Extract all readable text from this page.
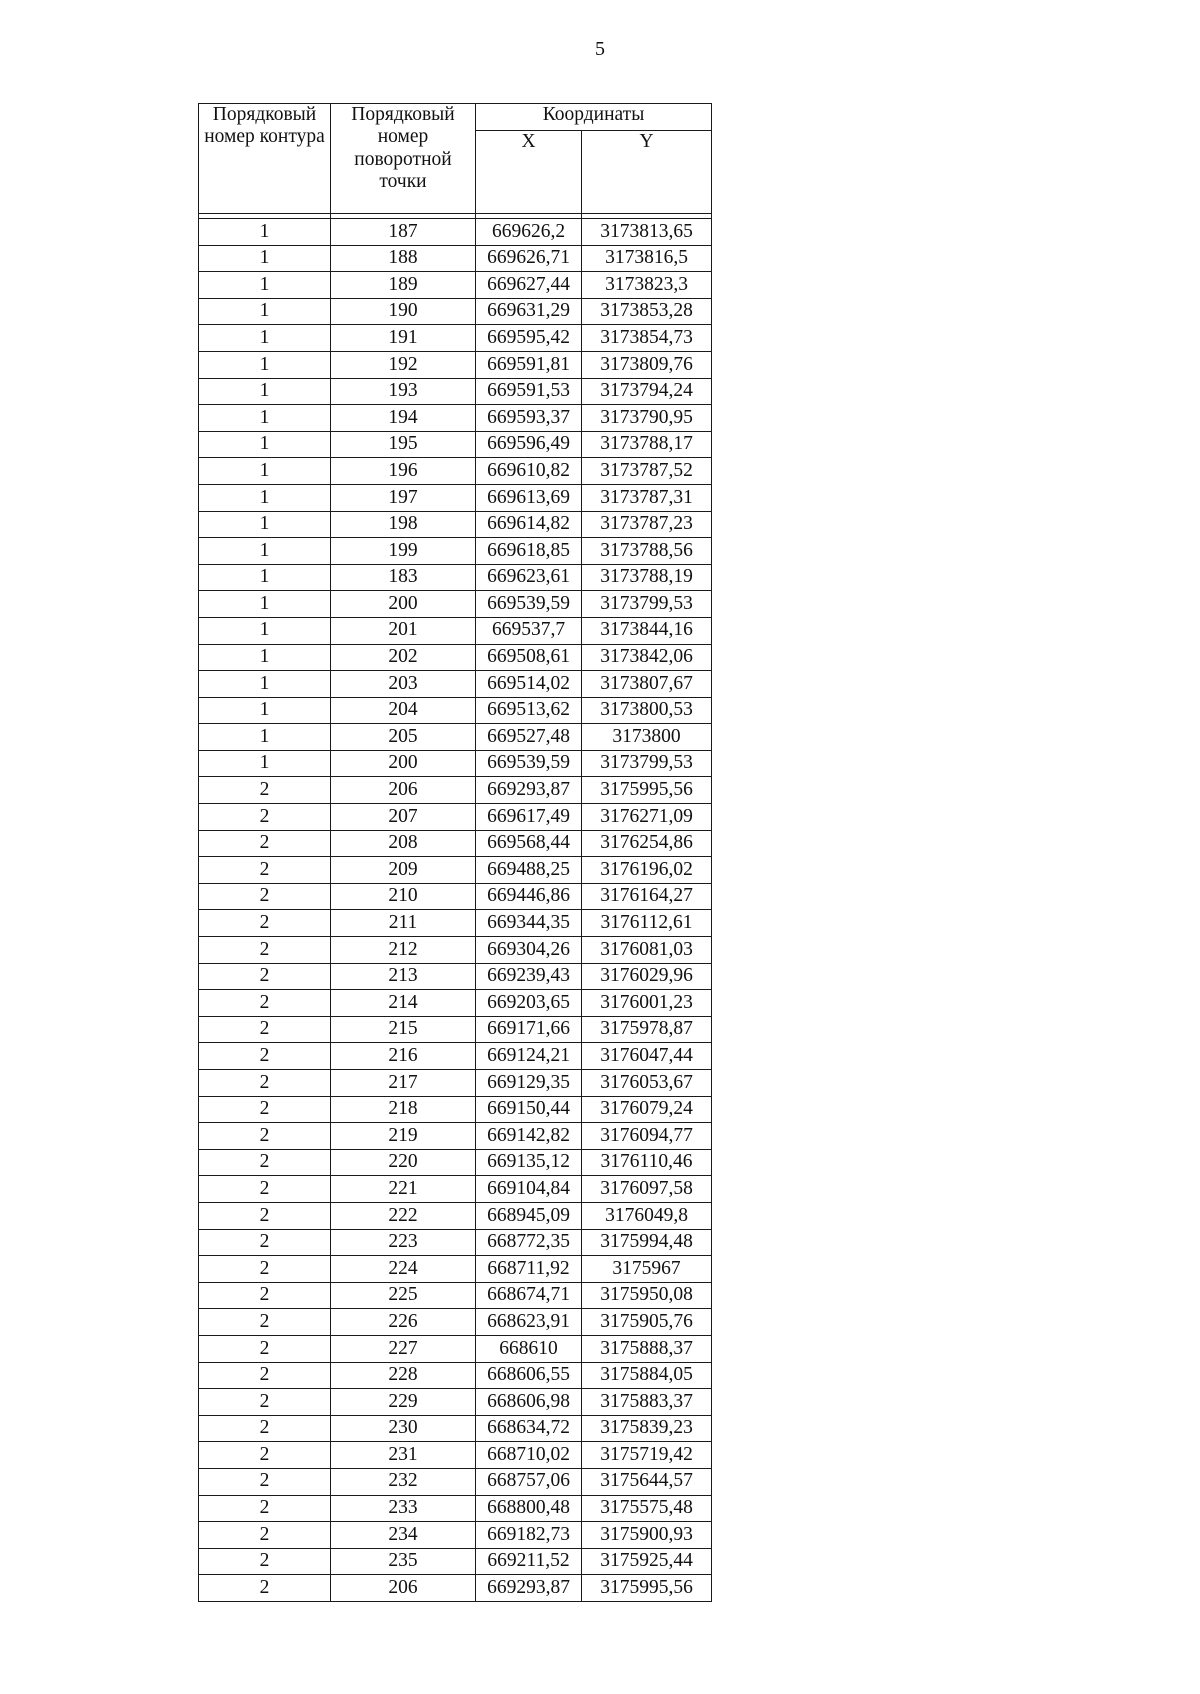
5
Порядковый номер контура	Порядковый номер поворотной точки	Координаты	
		X	Y

1	187	669626,2	3173813,65
1	188	669626,71	3173816,5
1	189	669627,44	3173823,3
1	190	669631,29	3173853,28
1	191	669595,42	3173854,73
1	192	669591,81	3173809,76
1	193	669591,53	3173794,24
1	194	669593,37	3173790,95
1	195	669596,49	3173788,17
1	196	669610,82	3173787,52
1	197	669613,69	3173787,31
1	198	669614,82	3173787,23
1	199	669618,85	3173788,56
1	183	669623,61	3173788,19
1	200	669539,59	3173799,53
1	201	669537,7	3173844,16
1	202	669508,61	3173842,06
1	203	669514,02	3173807,67
1	204	669513,62	3173800,53
1	205	669527,48	3173800
1	200	669539,59	3173799,53
2	206	669293,87	3175995,56
2	207	669617,49	3176271,09
2	208	669568,44	3176254,86
2	209	669488,25	3176196,02
2	210	669446,86	3176164,27
2	211	669344,35	3176112,61
2	212	669304,26	3176081,03
2	213	669239,43	3176029,96
2	214	669203,65	3176001,23
2	215	669171,66	3175978,87
2	216	669124,21	3176047,44
2	217	669129,35	3176053,67
2	218	669150,44	3176079,24
2	219	669142,82	3176094,77
2	220	669135,12	3176110,46
2	221	669104,84	3176097,58
2	222	668945,09	3176049,8
2	223	668772,35	3175994,48
2	224	668711,92	3175967
2	225	668674,71	3175950,08
2	226	668623,91	3175905,76
2	227	668610	3175888,37
2	228	668606,55	3175884,05
2	229	668606,98	3175883,37
2	230	668634,72	3175839,23
2	231	668710,02	3175719,42
2	232	668757,06	3175644,57
2	233	668800,48	3175575,48
2	234	669182,73	3175900,93
2	235	669211,52	3175925,44
2	206	669293,87	3175995,56
